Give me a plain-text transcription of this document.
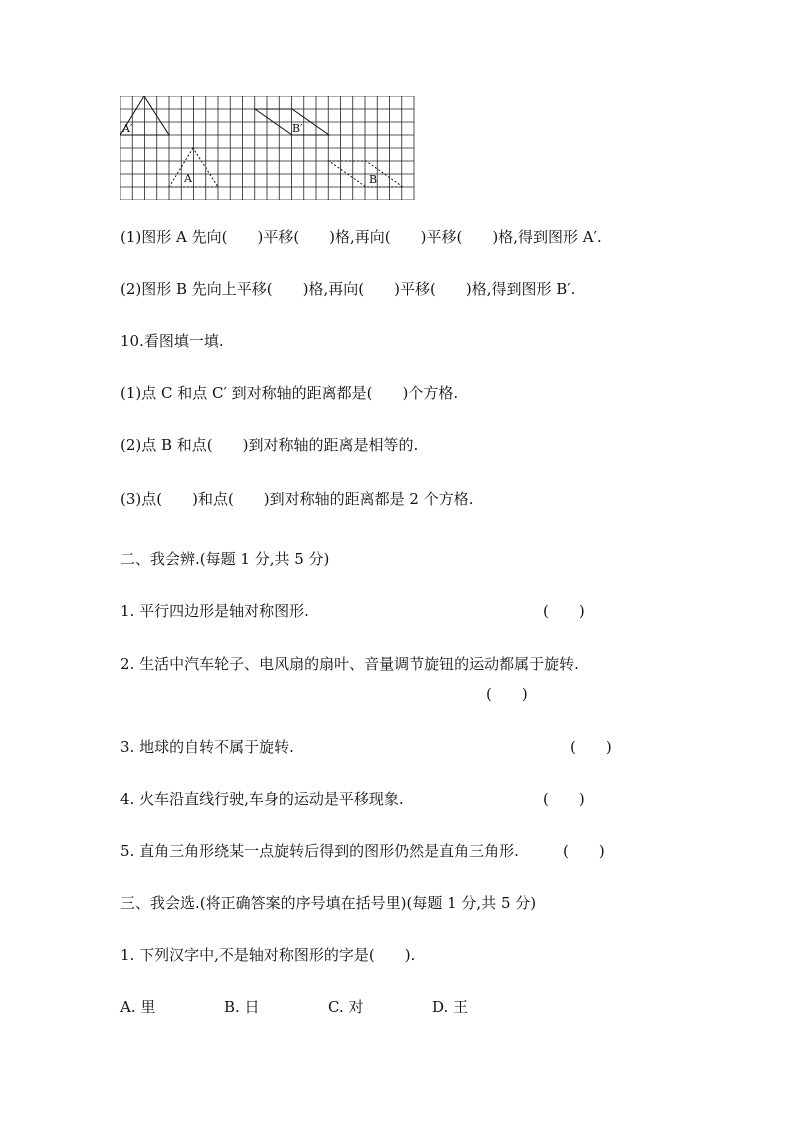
A′
A
B′
B
(1)图形 A 先向(　　)平移(　　)格,再向(　　)平移(　　)格,得到图形 A′.
(2)图形 B 先向上平移(　　)格,再向(　　)平移(　　)格,得到图形 B′.
10.看图填一填.
(1)点 C 和点 C′ 到对称轴的距离都是(　　)个方格.
(2)点 B 和点(　　)到对称轴的距离是相等的.
(3)点(　　)和点(　　)到对称轴的距离都是 2 个方格.
二、我会辨.(每题 1 分,共 5 分)
1. 平行四边形是轴对称图形.	(　　)
2. 生活中汽车轮子、电风扇的扇叶、音量调节旋钮的运动都属于旋转.
(　　)
3. 地球的自转不属于旋转.	(　　)
4. 火车沿直线行驶,车身的运动是平移现象.	(　　)
5. 直角三角形绕某一点旋转后得到的图形仍然是直角三角形.	(　　)
三、我会选.(将正确答案的序号填在括号里)(每题 1 分,共 5 分)
1. 下列汉字中,不是轴对称图形的字是(　　).
A. 里	B. 日	C. 对	D. 王
